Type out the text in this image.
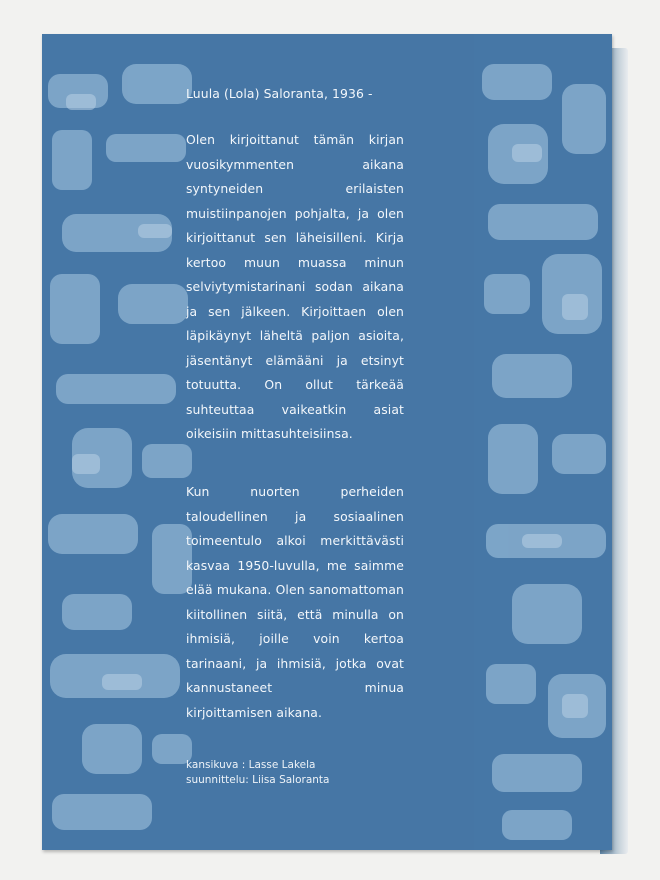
Luula (Lola) Saloranta, 1936 -

Olen kirjoittanut tämän kirjan vuosikymmenten aikana syntyneiden erilaisten muistiinpanojen pohjalta, ja olen kirjoittanut sen läheisilleni. Kirja kertoo muun muassa minun selviytymistarinani sodan aikana ja sen jälkeen. Kirjoittaen olen läpikäynyt läheltä paljon asioita, jäsentänyt elämääni ja etsinyt totuutta. On ollut tärkeää suhteuttaa vaikeatkin asiat oikeisiin mittasuhteisiinsa.

Kun nuorten perheiden taloudellinen ja sosiaalinen toimeentulo alkoi merkittävästi kasvaa 1950-luvulla, me saimme elää mukana. Olen sanomattoman kiitollinen siitä, että minulla on ihmisiä, joille voin kertoa tarinaani, ja ihmisiä, jotka ovat kannustaneet minua kirjoittamisen aikana.

kansikuva : Lasse Lakela
suunnittelu: Liisa Saloranta
